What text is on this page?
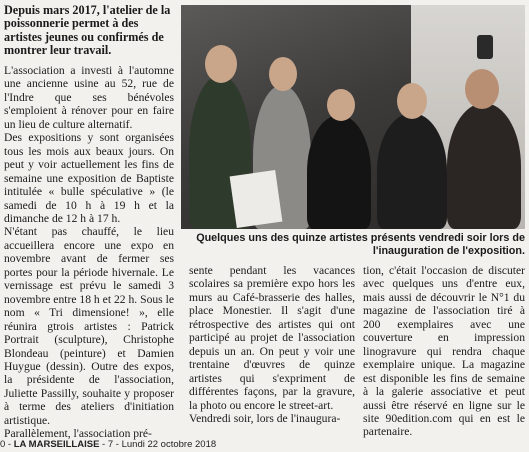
Depuis mars 2017, l'atelier de la poissonnerie permet à des artistes jeunes ou confirmés de montrer leur travail.

L'association a investi à l'automne une ancienne usine au 52, rue de l'Indre que ses bénévoles s'emploient à rénover pour en faire un lieu de culture alternatif.

Des expositions y sont organisées tous les mois aux beaux jours. On peut y voir actuellement les fins de semaine une exposition de Baptiste intitulée « bulle spéculative » (le samedi de 10 h à 19 h et la dimanche de 12 h à 17 h.

N'étant pas chauffé, le lieu accueillera encore une expo en novembre avant de fermer ses portes pour la période hivernale. Le vernissage est prévu le samedi 3 novembre entre 18 h et 22 h. Sous le nom « Tri dimensione! », elle réunira gtrois artistes : Patrick Portrait (sculpture), Christophe Blondeau (peinture) et Damien Huygue (dessin). Outre des expos, la présidente de l'association, Juliette Passilly, souhaite y proposer à terme des ateliers d'initiation artistique.

Parallèlement, l'association pré-

Quelques uns des quinze artistes présents vendredi soir lors de l'inauguration de l'exposition.

sente pendant les vacances scolaires sa première expo hors les murs au Café-brasserie des halles, place Monestier. Il s'agit d'une rétrospective des artistes qui ont participé au projet de l'association depuis un an. On peut y voir une trentaine d'œuvres de quinze artistes qui s'expriment de différentes façons, par la gravure, la photo ou encore le street-art.

Vendredi soir, lors de l'inaugura-

tion, c'était l'occasion de discuter avec quelques uns d'entre eux, mais aussi de découvrir le N°1 du magazine de l'association tiré à 200 exemplaires avec une couverture en impression linogravure qui rendra chaque exemplaire unique. La magazine est disponible les fins de semaine à la galerie associative et peut aussi être réservé en ligne sur le site 90edition.com qui en est le partenaire.

0 - LA MARSEILLAISE - 7 - Lundi 22 octobre 2018
